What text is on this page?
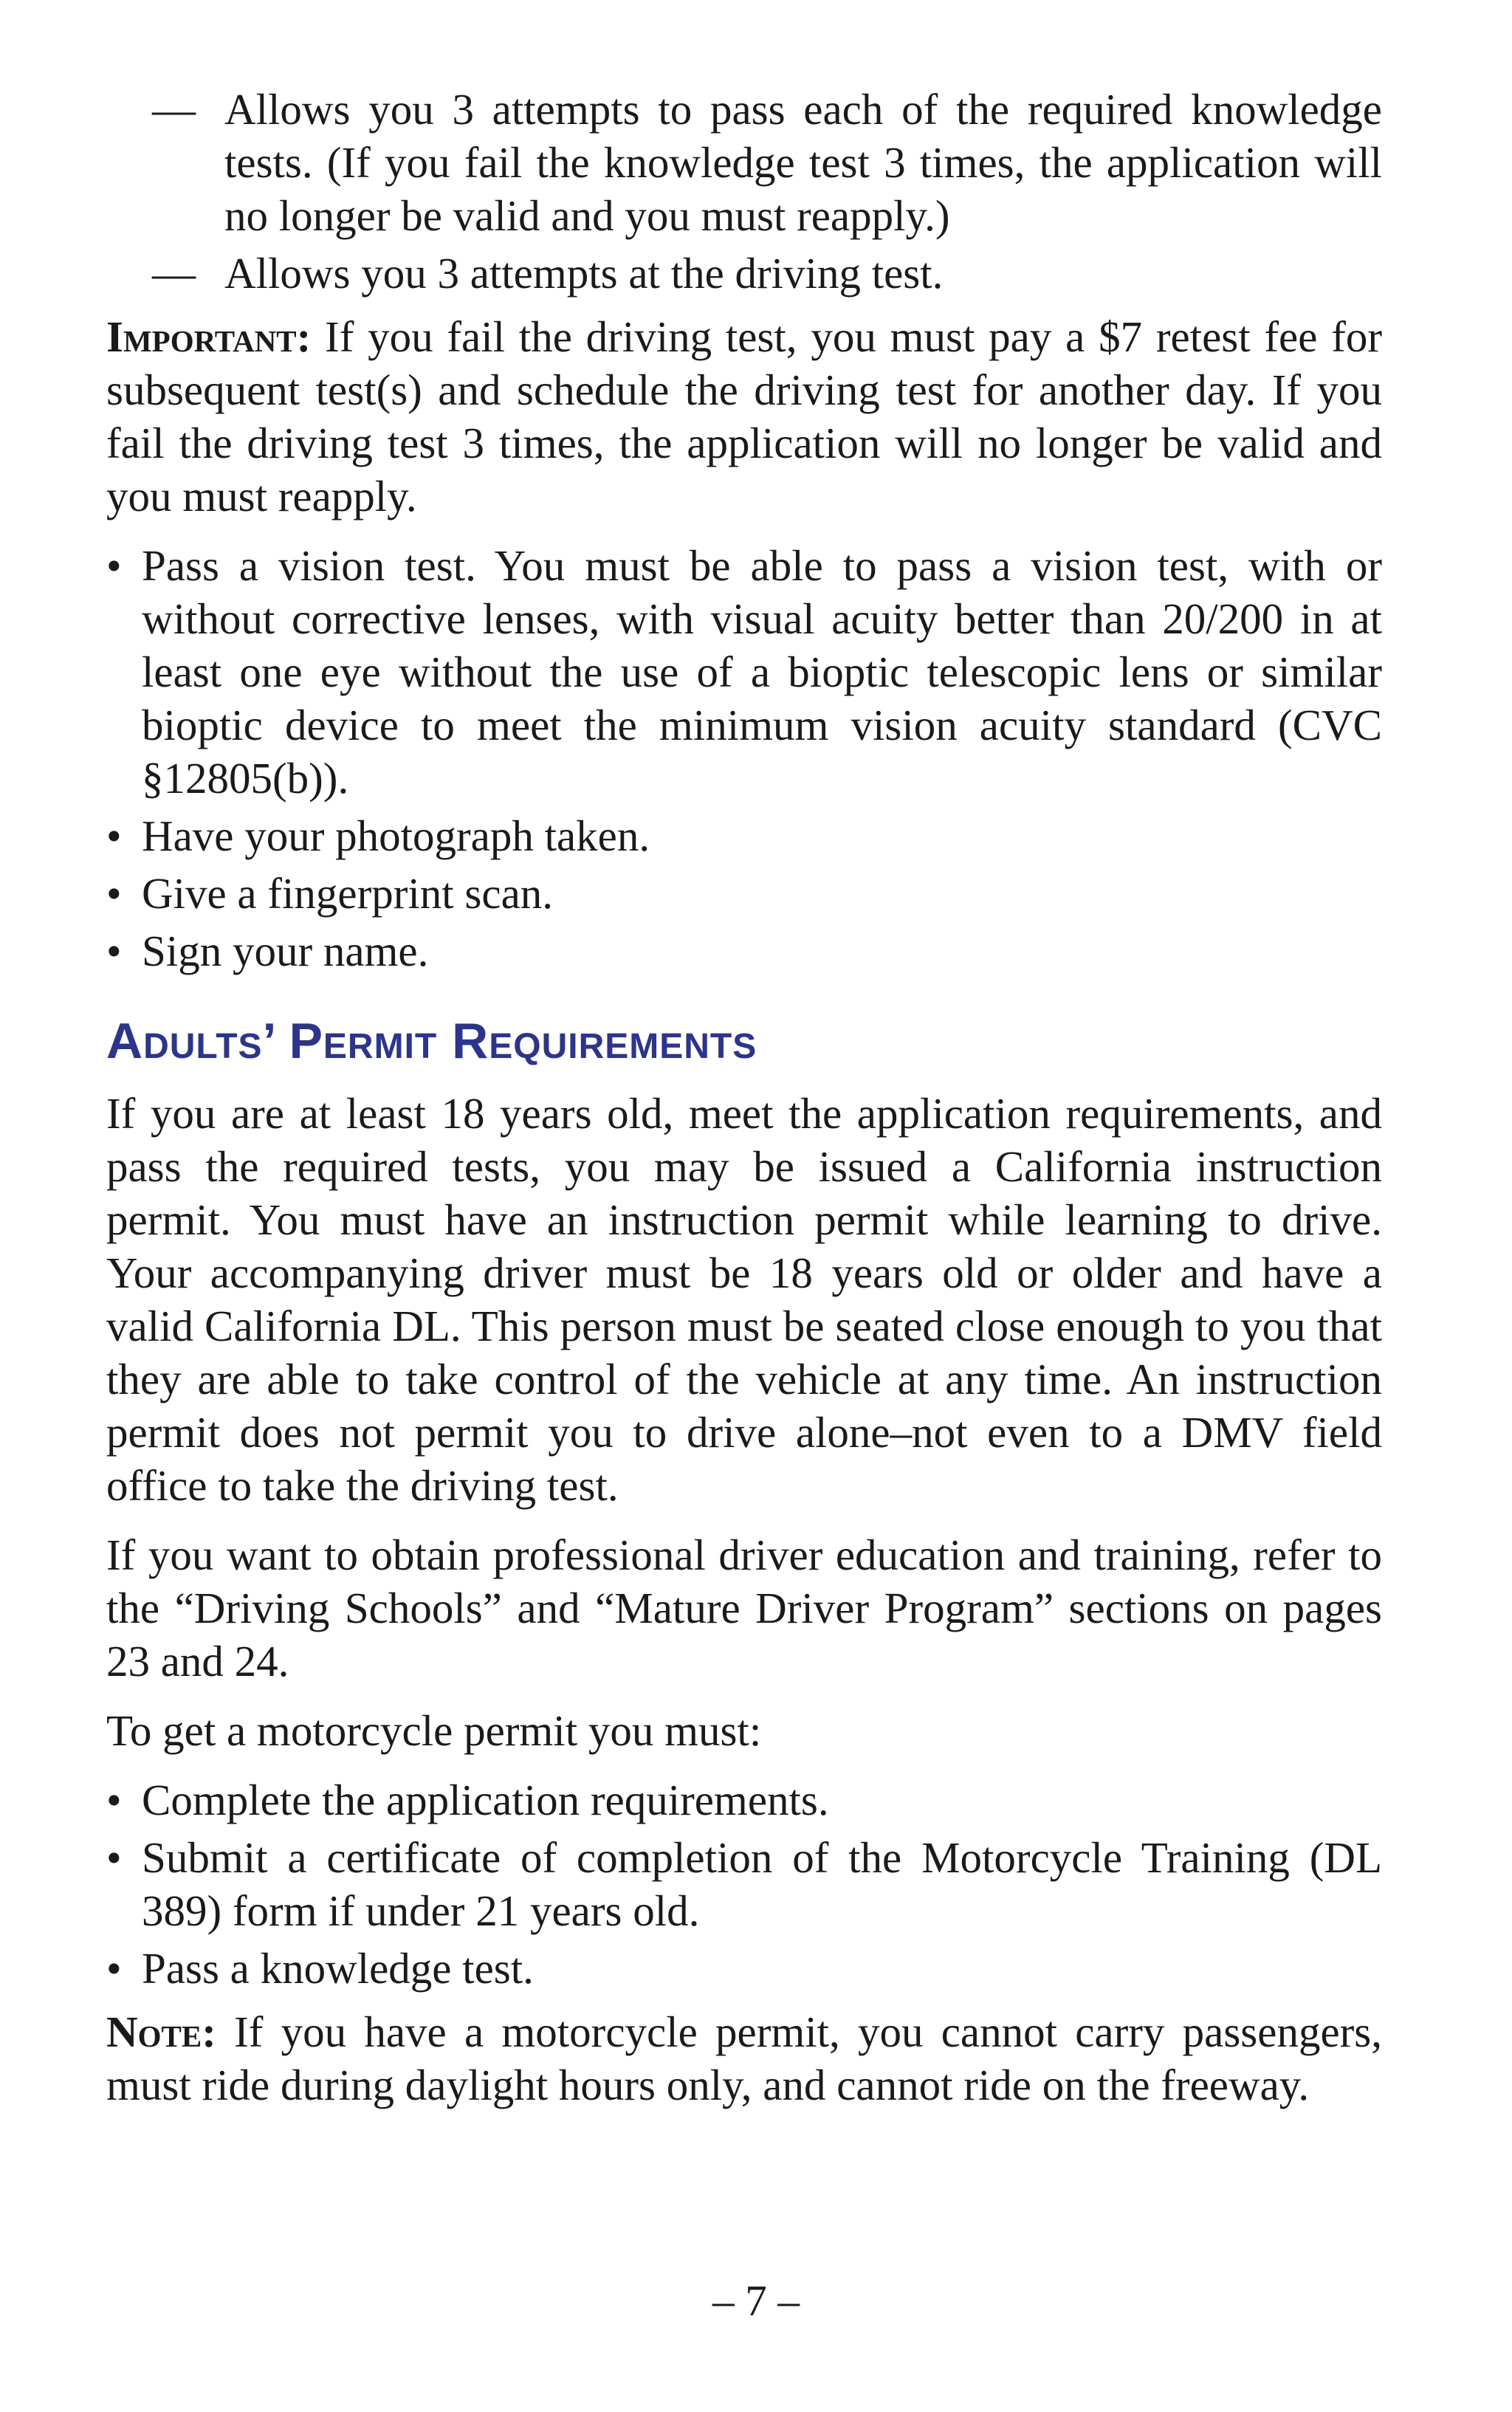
— Allows you 3 attempts to pass each of the required knowledge tests. (If you fail the knowledge test 3 times, the application will no longer be valid and you must reapply.)
— Allows you 3 attempts at the driving test.

Important: If you fail the driving test, you must pay a $7 retest fee for subsequent test(s) and schedule the driving test for another day. If you fail the driving test 3 times, the application will no longer be valid and you must reapply.

• Pass a vision test. You must be able to pass a vision test, with or without corrective lenses, with visual acuity better than 20/200 in at least one eye without the use of a bioptic telescopic lens or similar bioptic device to meet the minimum vision acuity standard (CVC §12805(b)).
• Have your photograph taken.
• Give a fingerprint scan.
• Sign your name.
Adults’ Permit Requirements

If you are at least 18 years old, meet the application requirements, and pass the required tests, you may be issued a California instruction permit. You must have an instruction permit while learning to drive. Your accompanying driver must be 18 years old or older and have a valid California DL. This person must be seated close enough to you that they are able to take control of the vehicle at any time. An instruction permit does not permit you to drive alone–not even to a DMV field office to take the driving test.

If you want to obtain professional driver education and training, refer to the “Driving Schools” and “Mature Driver Program” sections on pages 23 and 24.

To get a motorcycle permit you must:

• Complete the application requirements.
• Submit a certificate of completion of the Motorcycle Training (DL 389) form if under 21 years old.
• Pass a knowledge test.

Note: If you have a motorcycle permit, you cannot carry passengers, must ride during daylight hours only, and cannot ride on the freeway.

– 7 –
